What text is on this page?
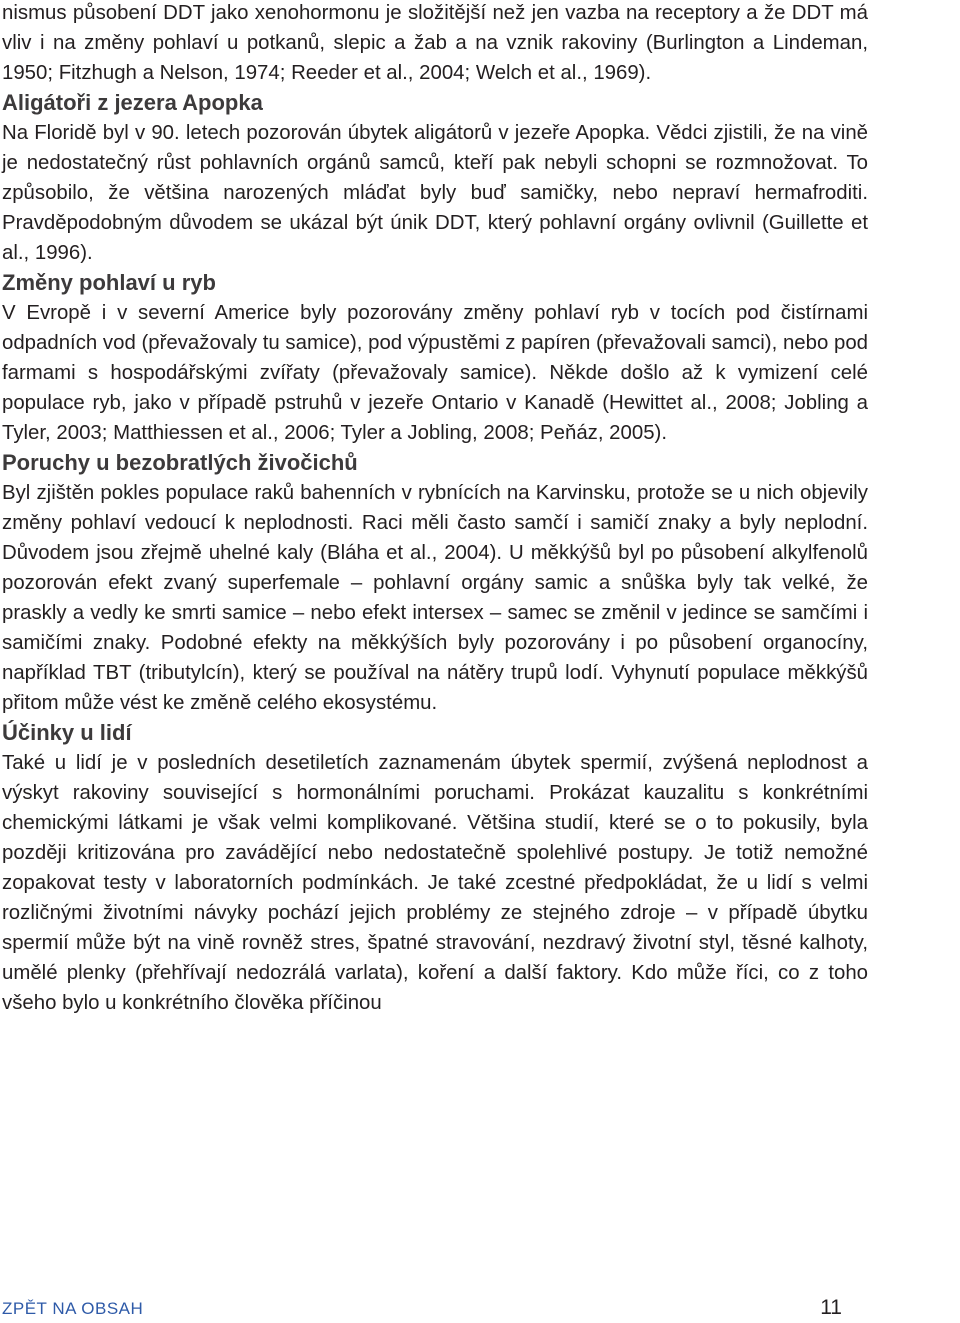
nismus působení DDT jako xenohormonu je složitější než jen vazba na receptory a že DDT má vliv i na změny pohlaví u potkanů, slepic a žab a na vznik rakoviny (Burlington a Lindeman, 1950; Fitzhugh a Nelson, 1974; Reeder et al., 2004; Welch et al., 1969).

Aligátoři z jezera Apopka

Na Floridě byl v 90. letech pozorován úbytek aligátorů v jezeře Apopka. Vědci zjistili, že na vině je nedostatečný růst pohlavních orgánů samců, kteří pak nebyli schopni se rozmnožovat. To způsobilo, že většina narozených mláďat byly buď samičky, nebo nepraví hermafroditi. Pravděpodobným důvodem se ukázal být únik DDT, který pohlavní orgány ovlivnil (Guillette et al., 1996).

Změny pohlaví u ryb

V Evropě i v severní Americe byly pozorovány změny pohlaví ryb v tocích pod čistírnami odpadních vod (převažovaly tu samice), pod výpustěmi z papíren (převažovali samci), nebo pod farmami s hospodářskými zvířaty (převažovaly samice). Někde došlo až k vymizení celé populace ryb, jako v případě pstruhů v jezeře Ontario v Kanadě (Hewittet al., 2008; Jobling a Tyler, 2003; Matthiessen et al., 2006; Tyler a Jobling, 2008; Peňáz, 2005).

Poruchy u bezobratlých živočichů

Byl zjištěn pokles populace raků bahenních v rybnících na Karvinsku, protože se u nich objevily změny pohlaví vedoucí k neplodnosti. Raci měli často samčí i samičí znaky a byly neplodní. Důvodem jsou zřejmě uhelné kaly (Bláha et al., 2004). U měkkýšů byl po působení alkylfenolů pozorován efekt zvaný superfemale – pohlavní orgány samic a snůška byly tak velké, že praskly a vedly ke smrti samice – nebo efekt intersex – samec se změnil v jedince se samčími i samičími znaky. Podobné efekty na měkkýších byly pozorovány i po působení organocíny, například TBT (tributylcín), který se používal na nátěry trupů lodí. Vyhynutí populace měkkýšů přitom může vést ke změně celého ekosystému.

Účinky u lidí

Také u lidí je v posledních desetiletích zaznamenám úbytek spermií, zvýšená neplodnost a výskyt rakoviny související s hormonálními poruchami. Prokázat kauzalitu s konkrétními chemickými látkami je však velmi komplikované. Většina studií, které se o to pokusily, byla později kritizována pro zavádějící nebo nedostatečně spolehlivé postupy. Je totiž nemožné zopakovat testy v laboratorních podmínkách. Je také zcestné předpokládat, že u lidí s velmi rozličnými životními návyky pochází jejich problémy ze stejného zdroje – v případě úbytku spermií může být na vině rovněž stres, špatné stravování, nezdravý životní styl, těsné kalhoty, umělé plenky (přehřívají nedozrálá varlata), koření a další faktory. Kdo může říci, co z toho všeho bylo u konkrétního člověka příčinou

ZPĚT NA OBSAH	11
